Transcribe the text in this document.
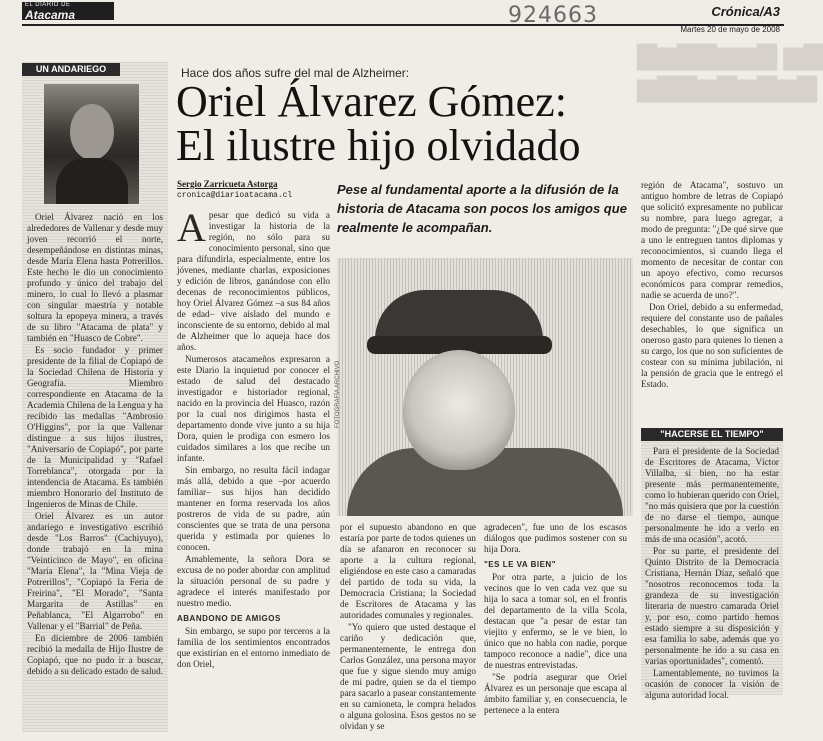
EL DIARIO DE
Atacama	924663	Crónica/A3
Martes 20 de mayo de 2008
▇▆▇▇▆▆▇ ▆▇
▆▇▇▆▇▆▇▆▇
UN ANDARIEGO

Oriel Álvarez nació en los alrededores de Vallenar y desde muy joven recorrió el norte, desempeñándose en distintas minas, desde María Elena hasta Potrerillos. Este hecho le dio un conocimiento profundo y único del trabajo del minero, lo cual lo llevó a plasmar con singular maestría y notable soltura la epopeya minera, a través de su libro "Atacama de plata" y también en "Huasco de Cobre".

Es socio fundador y primer presidente de la filial de Copiapó de la Sociedad Chilena de Historia y Geografía. Miembro correspondiente en Atacama de la Academia Chilena de la Lengua y ha recibido las medallas "Ambrosio O'Higgins", por la que Vallenar distingue a sus hijos ilustres, "Aniversario de Copiapó", por parte de la Municipalidad y "Rafael Torreblanca", otorgada por la intendencia de Atacama. Es también miembro Honorario del Instituto de Ingenieros de Minas de Chile.

Oriel Álvarez es un autor andariego e investigativo escribió desde "Los Barros" (Cachiyuyo), donde trabajó en la mina "Veinticinco de Mayo", en oficina "María Elena", la "Mina Vieja de Potrerillos", "Copiapó la Feria de Freirina", "El Morado", "Santa Margarita de Astillas" en Peñablanca, "El Algarrobo" en Vallenar y el "Barrial" de Peña.

En diciembre de 2006 también recibió la medalla de Hijo Ilustre de Copiapó, que no pudo ir a buscar, debido a su delicado estado de salud.

Hace dos años sufre del mal de Alzheimer:
Oriel Álvarez Gómez:
El ilustre hijo olvidado
Sergio Zarricueta Astorga
cronica@diarioatacama.cl	Pese al fundamental aporte a la difusión de la historia de Atacama son pocos los amigos que realmente le acompañan.
FOTOGRAFÍA ARCHIVO
A pesar que dedicó su vida a investigar la historia de la región, no sólo para su conocimiento personal, sino que para difundirla, especialmente, entre los jóvenes, mediante charlas, exposiciones y edición de libros, ganándose con ello decenas de reconocimientos públicos, hoy Oriel Álvarez Gómez –a sus 84 años de edad– vive aislado del mundo e inconsciente de su entorno, debido al mal de Alzheimer que lo aqueja hace dos años.

Numerosos atacameños expresaron a este Diario la inquietud por conocer el estado de salud del destacado investigador e historiador regional, nacido en la provincia del Huasco, razón por la cual nos dirigimos hasta el departamento donde vive junto a su hija Dora, quien le prodiga con esmero los cuidados similares a los que recibe un infante.

Sin embargo, no resulta fácil indagar más allá, debido a que –por acuerdo familiar– sus hijos han decidido mantener en forma reservada los años postreros de vida de su padre, aún conscientes que se trata de una persona querida y estimada por quienes lo conocen.

Amablemente, la señora Dora se excusa de no poder abordar con amplitud la situación personal de su padre y agradece el interés manifestado por nuestro medio.

ABANDONO DE AMIGOS

Sin embargo, se supo por terceros a la familia de los sentimientos encontrados que existirían en el entorno inmediato de don Oriel,

por el supuesto abandono en que estaría por parte de todos quienes un día se afanaron en reconocer su aporte a la cultura regional, eligiéndose en este caso a camaradas del partido de toda su vida, la Democracia Cristiana; la Sociedad de Escritores de Atacama y las autoridades comunales y regionales.

"Yo quiero que usted destaque el cariño y dedicación que, permanentemente, le entrega don Carlos González, una persona mayor que fue y sigue siendo muy amigo de mi padre, quien se da el tiempo para sacarlo a pasear constantemente en su camioneta, le compra helados o alguna golosina. Esos gestos no se olvidan y se

agradecen", fue uno de los escasos diálogos que pudimos sostener con su hija Dora.

"ES LE VA BIEN"

Por otra parte, a juicio de los vecinos que lo ven cada vez que su hija lo saca a tomar sol, en el frontis del departamento de la villa Scola, destacan que "a pesar de estar tan viejito y enfermo, se le ve bien, lo único que no habla con nadie, porque tampoco reconoce a nadie", dice una de nuestras entrevistadas.

"Se podría asegurar que Oriel Álvarez es un personaje que escapa al ámbito familiar y, en consecuencia, le pertenece a la entera

región de Atacama", sostuvo un antiguo hombre de letras de Copiapó que solicitó expresamente no publicar su nombre, para luego agregar, a modo de pregunta: "¿De qué sirve que a uno le entreguen tantos diplomas y reconocimientos, si cuando llega el momento de necesitar de contar con un apoyo efectivo, como recursos económicos para comprar remedios, nadie se acuerda de uno?".

Don Oriel, debido a su enfermedad, requiere del constante uso de pañales desechables, lo que significa un oneroso gasto para quienes lo tienen a su cargo, los que no son suficientes de costear con su mínima jubilación, ni la pensión de gracia que le entregó el Estado.

"HACERSE EL TIEMPO"

Para el presidente de la Sociedad de Escritores de Atacama, Víctor Villalba, si bien, no ha estar presente más permanentemente, como lo hubieran querido con Oriel, "no más quisiera que por la cuestión de no darse el tiempo, aunque personalmente he ido a verlo en más de una ocasión", acotó.

Por su parte, el presidente del Quinto Distrito de la Democracia Cristiana, Hernán Díaz, señaló que "nosotros reconocemos toda la grandeza de su investigación literaria de nuestro camarada Oriel y, por eso, como partido hemos estado siempre a su disposición y esa familia lo sabe, además que yo personalmente he ido a su casa en varias oportunidades", comentó.

Lamentablemente, no tuvimos la ocasión de conocer la visión de alguna autoridad local.
